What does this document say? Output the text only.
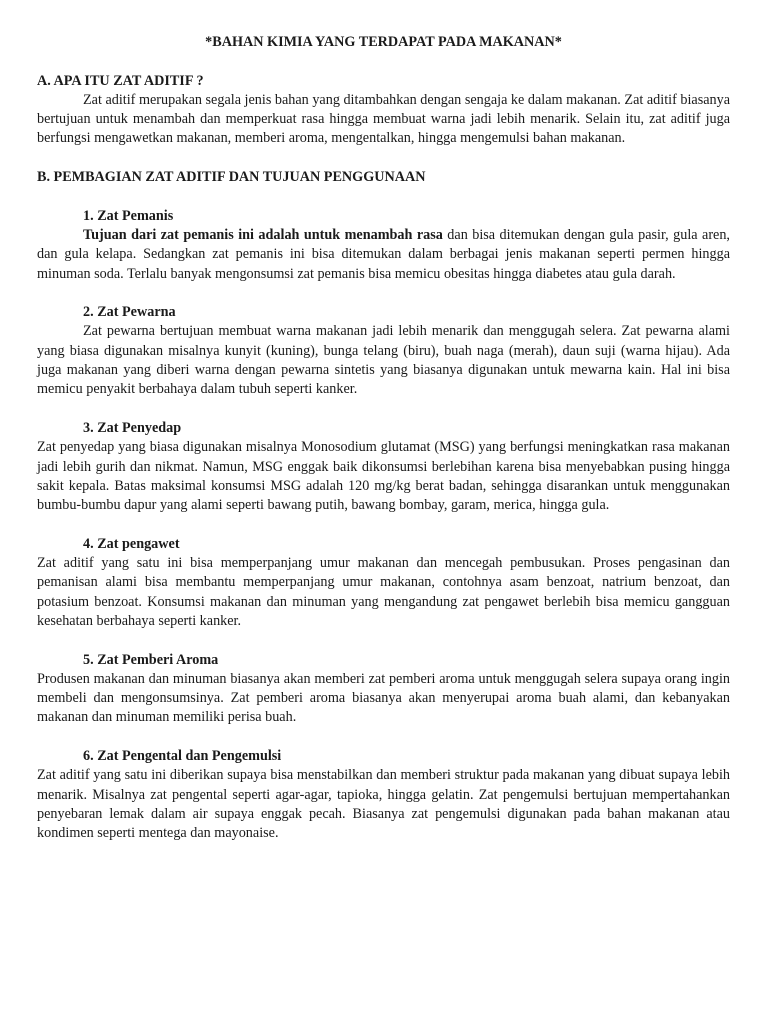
*BAHAN KIMIA YANG TERDAPAT PADA MAKANAN*
A. APA ITU ZAT ADITIF ?

Zat aditif merupakan segala jenis bahan yang ditambahkan dengan sengaja ke dalam makanan. Zat aditif biasanya bertujuan untuk menambah dan memperkuat rasa hingga membuat warna jadi lebih menarik. Selain itu, zat aditif juga berfungsi mengawetkan makanan, memberi aroma, mengentalkan, hingga mengemulsi bahan makanan.

B. PEMBAGIAN ZAT ADITIF DAN TUJUAN PENGGUNAAN
1. Zat Pemanis

Tujuan dari zat pemanis ini adalah untuk menambah rasa dan bisa ditemukan dengan gula pasir, gula aren, dan gula kelapa. Sedangkan zat pemanis ini bisa ditemukan dalam berbagai jenis makanan seperti permen hingga minuman soda. Terlalu banyak mengonsumsi zat pemanis bisa memicu obesitas hingga diabetes atau gula darah.

2. Zat Pewarna

Zat pewarna bertujuan membuat warna makanan jadi lebih menarik dan menggugah selera. Zat pewarna alami yang biasa digunakan misalnya kunyit (kuning), bunga telang (biru), buah naga (merah), daun suji (warna hijau). Ada juga makanan yang diberi warna dengan pewarna sintetis yang biasanya digunakan untuk mewarna kain. Hal ini bisa memicu penyakit berbahaya dalam tubuh seperti kanker.

3. Zat Penyedap

Zat penyedap yang biasa digunakan misalnya Monosodium glutamat (MSG) yang berfungsi meningkatkan rasa makanan jadi lebih gurih dan nikmat. Namun, MSG enggak baik dikonsumsi berlebihan karena bisa menyebabkan pusing hingga sakit kepala. Batas maksimal konsumsi MSG adalah 120 mg/kg berat badan, sehingga disarankan untuk menggunakan bumbu-bumbu dapur yang alami seperti bawang putih, bawang bombay, garam, merica, hingga gula.

4. Zat pengawet

Zat aditif yang satu ini bisa memperpanjang umur makanan dan mencegah pembusukan. Proses pengasinan dan pemanisan alami bisa membantu memperpanjang umur makanan, contohnya asam benzoat, natrium benzoat, dan potasium benzoat. Konsumsi makanan dan minuman yang mengandung zat pengawet berlebih bisa memicu gangguan kesehatan berbahaya seperti kanker.

5. Zat Pemberi Aroma

Produsen makanan dan minuman biasanya akan memberi zat pemberi aroma untuk menggugah selera supaya orang ingin membeli dan mengonsumsinya. Zat pemberi aroma biasanya akan menyerupai aroma buah alami, dan kebanyakan makanan dan minuman memiliki perisa buah.

6. Zat Pengental dan Pengemulsi

Zat aditif yang satu ini diberikan supaya bisa menstabilkan dan memberi struktur pada makanan yang dibuat supaya lebih menarik. Misalnya zat pengental seperti agar-agar, tapioka, hingga gelatin. Zat pengemulsi bertujuan mempertahankan penyebaran lemak dalam air supaya enggak pecah. Biasanya zat pengemulsi digunakan pada bahan makanan atau kondimen seperti mentega dan mayonaise.
